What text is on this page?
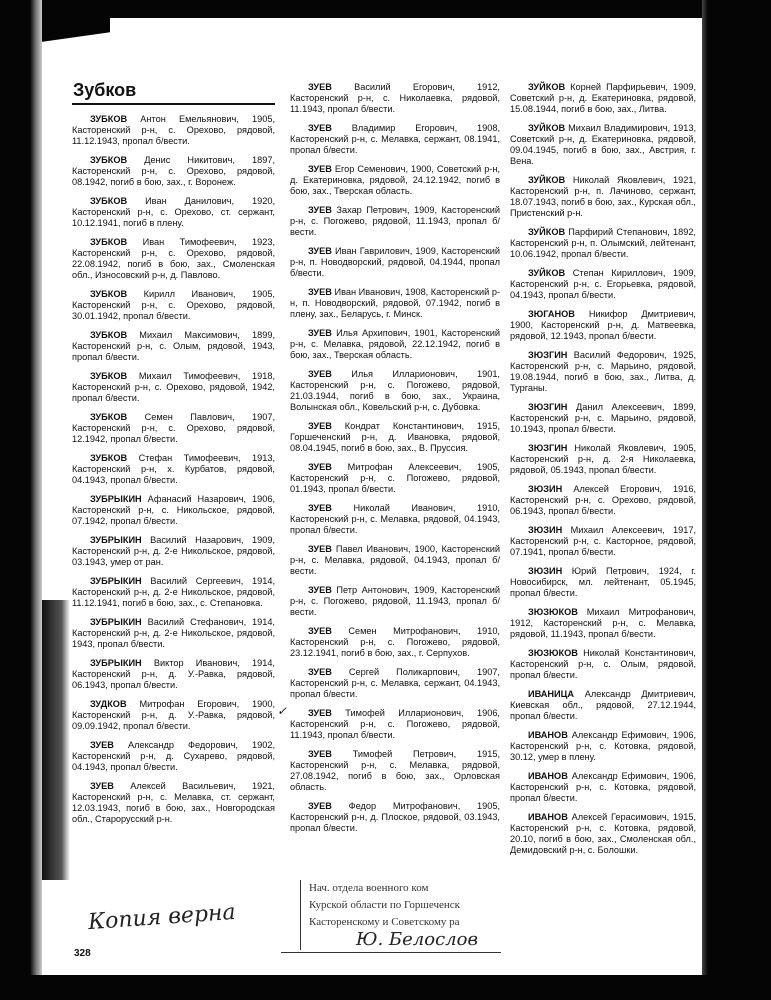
Зубков

ЗУБКОВ Антон Емельянович, 1905, Касторенский р-н, с. Орехово, рядовой, 11.12.1943, пропал б/вести.

ЗУБКОВ Денис Никитович, 1897, Касторенский р-н, с. Орехово, рядовой, 08.1942, погиб в бою, зах., г. Воронеж.

ЗУБКОВ Иван Данилович, 1920, Касторенский р-н, с. Орехово, ст. сержант, 10.12.1941, погиб в плену.

ЗУБКОВ Иван Тимофеевич, 1923, Касторенский р-н, с. Орехово, рядовой, 22.08.1942, погиб в бою, зах., Смоленская обл., Износовский р-н, д. Павлово.

ЗУБКОВ Кирилл Иванович, 1905, Касторенский р-н, с. Орехово, рядовой, 30.01.1942, пропал б/вести.

ЗУБКОВ Михаил Максимович, 1899, Касторенский р-н, с. Олым, рядовой, 1943, пропал б/вести.

ЗУБКОВ Михаил Тимофеевич, 1918, Касторенский р-н, с. Орехово, рядовой, 1942, пропал б/вести.

ЗУБКОВ Семен Павлович, 1907, Касторенский р-н, с. Орехово, рядовой, 12.1942, пропал б/вести.

ЗУБКОВ Стефан Тимофеевич, 1913, Касторенский р-н, х. Курбатов, рядовой, 04.1943, пропал б/вести.

ЗУБРЫКИН Афанасий Назарович, 1906, Касторенский р-н, с. Никольское, рядовой, 07.1942, пропал б/вести.

ЗУБРЫКИН Василий Назарович, 1909, Касторенский р-н, д. 2-е Никольское, рядовой, 03.1943, умер от ран.

ЗУБРЫКИН Василий Сергеевич, 1914, Касторенский р-н, д. 2-е Никольское, рядовой, 11.12.1941, погиб в бою, зах., с. Степановка.

ЗУБРЫКИН Василий Стефанович, 1914, Касторенский р-н, д. 2-е Никольское, рядовой, 1943, пропал б/вести.

ЗУБРЫКИН Виктор Иванович, 1914, Касторенский р-н, д. У.-Равка, рядовой, 06.1943, пропал б/вести.

ЗУДКОВ Митрофан Егорович, 1900, Касторенский р-н, д. У.-Равка, рядовой, 09.09.1942, пропал б/вести.

ЗУЕВ Александр Федорович, 1902, Касторенский р-н, д. Сухарево, рядовой, 04.1943, пропал б/вести.

ЗУЕВ Алексей Васильевич, 1921, Касторенский р-н, с. Мелавка, ст. сержант, 12.03.1943, погиб в бою, зах., Новгородская обл., Старорусский р-н.

ЗУЕВ Василий Егорович, 1912, Касторенский р-н, с. Николаевка, рядовой, 11.1943, пропал б/вести.

ЗУЕВ Владимир Егорович, 1908, Касторенский р-н, с. Мелавка, сержант, 08.1941, пропал б/вести.

ЗУЕВ Егор Семенович, 1900, Советский р-н, д. Екатериновка, рядовой, 24.12.1942, погиб в бою, зах., Тверская область.

ЗУЕВ Захар Петрович, 1909, Касторенский р-н, с. Погожево, рядовой, 11.1943, пропал б/вести.

ЗУЕВ Иван Гаврилович, 1909, Касторенский р-н, п. Новодворский, рядовой, 04.1944, пропал б/вести.

ЗУЕВ Иван Иванович, 1908, Касторенский р-н, п. Новодворский, рядовой, 07.1942, погиб в плену, зах., Беларусь, г. Минск.

ЗУЕВ Илья Архипович, 1901, Касторенский р-н, с. Мелавка, рядовой, 22.12.1942, погиб в бою, зах., Тверская область.

ЗУЕВ Илья Илларионович, 1901, Касторенский р-н, с. Погожево, рядовой, 21.03.1944, погиб в бою, зах., Украина, Волынская обл., Ковельский р-н, с. Дубовка.

ЗУЕВ Кондрат Константинович, 1915, Горшеченский р-н, д. Ивановка, рядовой, 08.04.1945, погиб в бою, зах., В. Пруссия.

ЗУЕВ Митрофан Алексеевич, 1905, Касторенский р-н, с. Погожево, рядовой, 01.1943, пропал б/вести.

ЗУЕВ Николай Иванович, 1910, Касторенский р-н, с. Мелавка, рядовой, 04.1943, пропал б/вести.

ЗУЕВ Павел Иванович, 1900, Касторенский р-н, с. Мелавка, рядовой, 04.1943, пропал б/вести.

ЗУЕВ Петр Антонович, 1909, Касторенский р-н, с. Погожево, рядовой, 11.1943, пропал б/вести.

ЗУЕВ Семен Митрофанович, 1910, Касторенский р-н, с. Погожево, рядовой, 23.12.1941, погиб в бою, зах., г. Серпухов.

ЗУЕВ Сергей Поликарпович, 1907, Касторенский р-н, с. Мелавка, сержант, 04.1943, пропал б/вести.

ЗУЕВ Тимофей Илларионович, 1906, Касторенский р-н, с. Погожево, рядовой, 11.1943, пропал б/вести.

ЗУЕВ Тимофей Петрович, 1915, Касторенский р-н, с. Мелавка, рядовой, 27.08.1942, погиб в бою, зах., Орловская область.

ЗУЕВ Федор Митрофанович, 1905, Касторенский р-н, д. Плоское, рядовой, 03.1943, пропал б/вести.

ЗУЙКОВ Корней Парфирьевич, 1909, Советский р-н, д. Екатериновка, рядовой, 15.08.1944, погиб в бою, зах., Литва.

ЗУЙКОВ Михаил Владимирович, 1913, Советский р-н, д. Екатериновка, рядовой, 09.04.1945, погиб в бою, зах., Австрия, г. Вена.

ЗУЙКОВ Николай Яковлевич, 1921, Касторенский р-н, п. Лачиново, сержант, 18.07.1943, погиб в бою, зах., Курская обл., Пристенский р-н.

ЗУЙКОВ Парфирий Степанович, 1892, Касторенский р-н, п. Олымский, лейтенант, 10.06.1942, пропал б/вести.

ЗУЙКОВ Степан Кириллович, 1909, Касторенский р-н, с. Егорьевка, рядовой, 04.1943, пропал б/вести.

ЗЮГАНОВ Никифор Дмитриевич, 1900, Касторенский р-н, д. Матвеевка, рядовой, 12.1943, пропал б/вести.

ЗЮЗГИН Василий Федорович, 1925, Касторенский р-н, с. Марьино, рядовой, 19.08.1944, погиб в бою, зах., Литва, д. Турганы.

ЗЮЗГИН Данил Алексеевич, 1899, Касторенский р-н, с. Марьино, рядовой, 10.1943, пропал б/вести.

ЗЮЗГИН Николай Яковлевич, 1905, Касторенский р-н, д. 2-я Николаевка, рядовой, 05.1943, пропал б/вести.

ЗЮЗИН Алексей Егорович, 1916, Касторенский р-н, с. Орехово, рядовой, 06.1943, пропал б/вести.

ЗЮЗИН Михаил Алексеевич, 1917, Касторенский р-н, с. Касторное, рядовой, 07.1941, пропал б/вести.

ЗЮЗИН Юрий Петрович, 1924, г. Новосибирск, мл. лейтенант, 05.1945, пропал б/вести.

ЗЮЗЮКОВ Михаил Митрофанович, 1912, Касторенский р-н, с. Мелавка, рядовой, 11.1943, пропал б/вести.

ЗЮЗЮКОВ Николай Константинович, Касторенский р-н, с. Олым, рядовой, пропал б/вести.

ИВАНИЦА Александр Дмитриевич, Киевская обл., рядовой, 27.12.1944, пропал б/вести.

ИВАНОВ Александр Ефимович, 1906, Касторенский р-н, с. Котовка, рядовой, 30.12, умер в плену.

ИВАНОВ Александр Ефимович, 1906, Касторенский р-н, с. Котовка, рядовой, пропал б/вести.

ИВАНОВ Алексей Герасимович, 1915, Касторенский р-н, с. Котовка, рядовой, 20.10, погиб в бою, зах., Смоленская обл., Демидовский р-н, с. Болошки.

✓
328
Копия верна
Нач. отдела военного ком
Курской области по Горшеченск
Касторенскому и Советскому ра
Ю. Белослов
